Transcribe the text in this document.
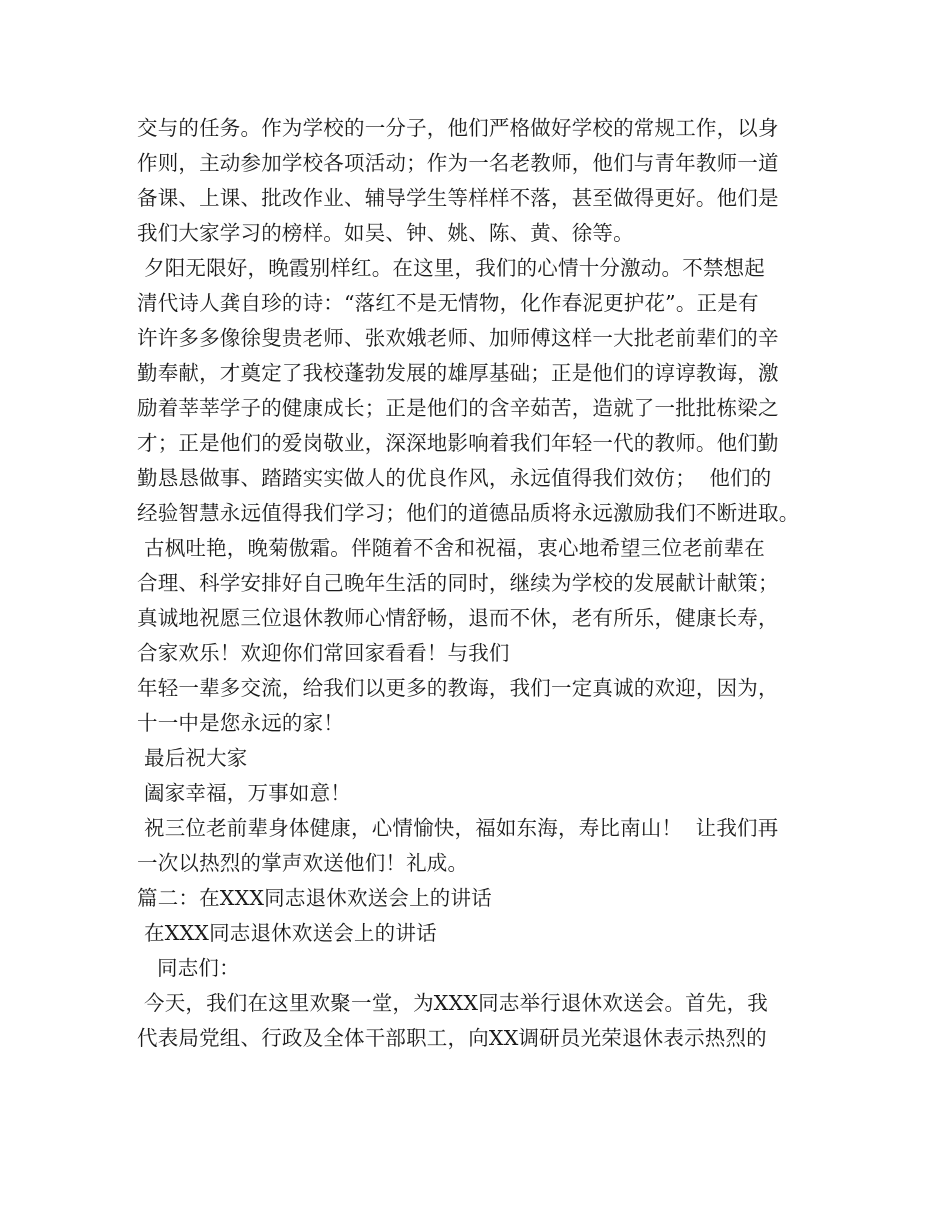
交与的任务。作为学校的一分子，他们严格做好学校的常规工作，以身
作则，主动参加学校各项活动；作为一名老教师，他们与青年教师一道
备课、上课、批改作业、辅导学生等样样不落，甚至做得更好。他们是
我们大家学习的榜样。如吴、钟、姚、陈、黄、徐等。
夕阳无限好，晚霞别样红。在这里，我们的心情十分激动。不禁想起
清代诗人龚自珍的诗：“落红不是无情物，化作春泥更护花”。正是有
许许多多像徐叟贵老师、张欢娥老师、加师傅这样一大批老前辈们的辛
勤奉献，才奠定了我校蓬勃发展的雄厚基础；正是他们的谆谆教诲，激
励着莘莘学子的健康成长；正是他们的含辛茹苦，造就了一批批栋梁之
才；正是他们的爱岗敬业，深深地影响着我们年轻一代的教师。他们勤
勤恳恳做事、踏踏实实做人的优良作风，永远值得我们效仿；  他们的
经验智慧永远值得我们学习；他们的道德品质将永远激励我们不断进取。
古枫吐艳，晚菊傲霜。伴随着不舍和祝福，衷心地希望三位老前辈在
合理、科学安排好自己晚年生活的同时，继续为学校的发展献计献策；
真诚地祝愿三位退休教师心情舒畅，退而不休，老有所乐，健康长寿，
合家欢乐！欢迎你们常回家看看！与我们
年轻一辈多交流，给我们以更多的教诲，我们一定真诚的欢迎，因为，
十一中是您永远的家！
最后祝大家
阖家幸福，万事如意！
祝三位老前辈身体健康，心情愉快，福如东海，寿比南山！  让我们再
一次以热烈的掌声欢送他们！礼成。
篇二：在XXX同志退休欢送会上的讲话
在XXX同志退休欢送会上的讲话
同志们：
今天，我们在这里欢聚一堂，为XXX同志举行退休欢送会。首先，我
代表局党组、行政及全体干部职工，向XX调研员光荣退休表示热烈的
